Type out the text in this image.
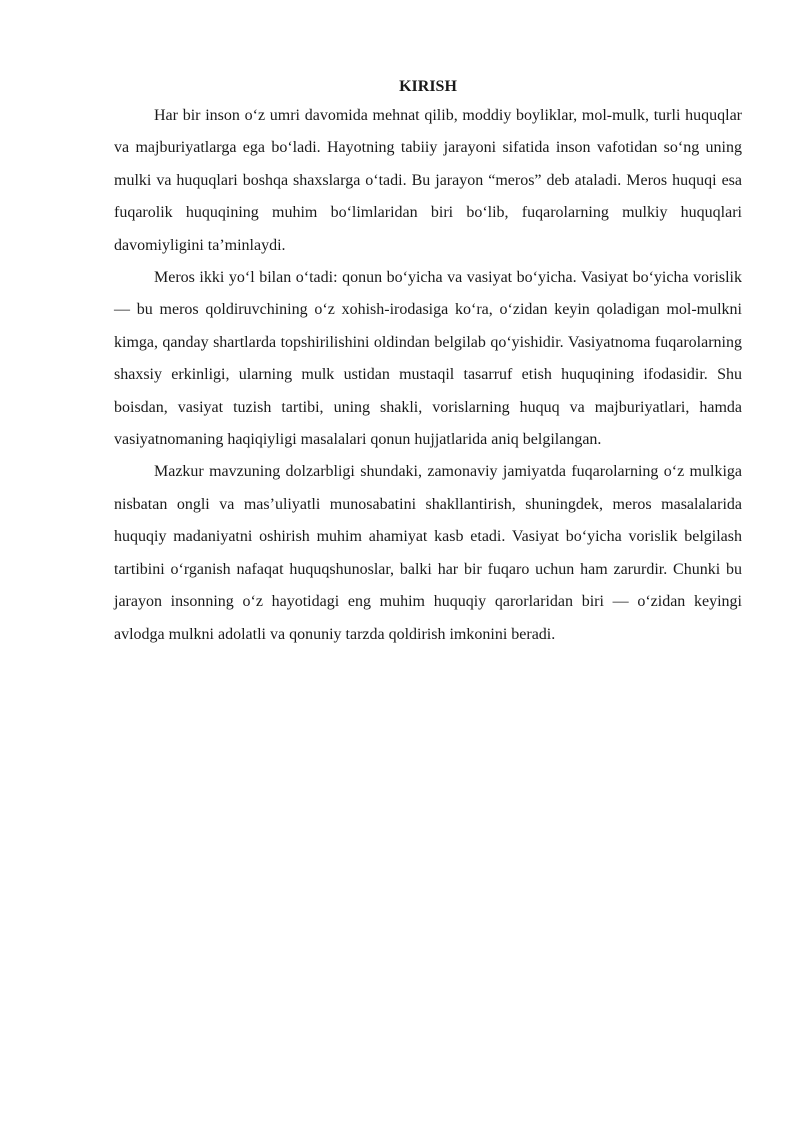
KIRISH

Har bir inson oʻz umri davomida mehnat qilib, moddiy boyliklar, mol-mulk, turli huquqlar va majburiyatlarga ega boʻladi. Hayotning tabiiy jarayoni sifatida inson vafotidan soʻng uning mulki va huquqlari boshqa shaxslarga oʻtadi. Bu jarayon “meros” deb ataladi. Meros huquqi esa fuqarolik huquqining muhim boʻlimlaridan biri boʻlib, fuqarolarning mulkiy huquqlari davomiyligini taʼminlaydi.

Meros ikki yoʻl bilan oʻtadi: qonun boʻyicha va vasiyat boʻyicha. Vasiyat boʻyicha vorislik — bu meros qoldiruvchining oʻz xohish-irodasiga koʻra, oʻzidan keyin qoladigan mol-mulkni kimga, qanday shartlarda topshirilishini oldindan belgilab qoʻyishidir. Vasiyatnoma fuqarolarning shaxsiy erkinligi, ularning mulk ustidan mustaqil tasarruf etish huquqining ifodasidir. Shu boisdan, vasiyat tuzish tartibi, uning shakli, vorislarning huquq va majburiyatlari, hamda vasiyatnomaning haqiqiyligi masalalari qonun hujjatlarida aniq belgilangan.

Mazkur mavzuning dolzarbligi shundaki, zamonaviy jamiyatda fuqarolarning oʻz mulkiga nisbatan ongli va masʼuliyatli munosabatini shakllantirish, shuningdek, meros masalalarida huquqiy madaniyatni oshirish muhim ahamiyat kasb etadi. Vasiyat boʻyicha vorislik belgilash tartibini oʻrganish nafaqat huquqshunoslar, balki har bir fuqaro uchun ham zarurdir. Chunki bu jarayon insonning oʻz hayotidagi eng muhim huquqiy qarorlaridan biri — oʻzidan keyingi avlodga mulkni adolatli va qonuniy tarzda qoldirish imkonini beradi.
